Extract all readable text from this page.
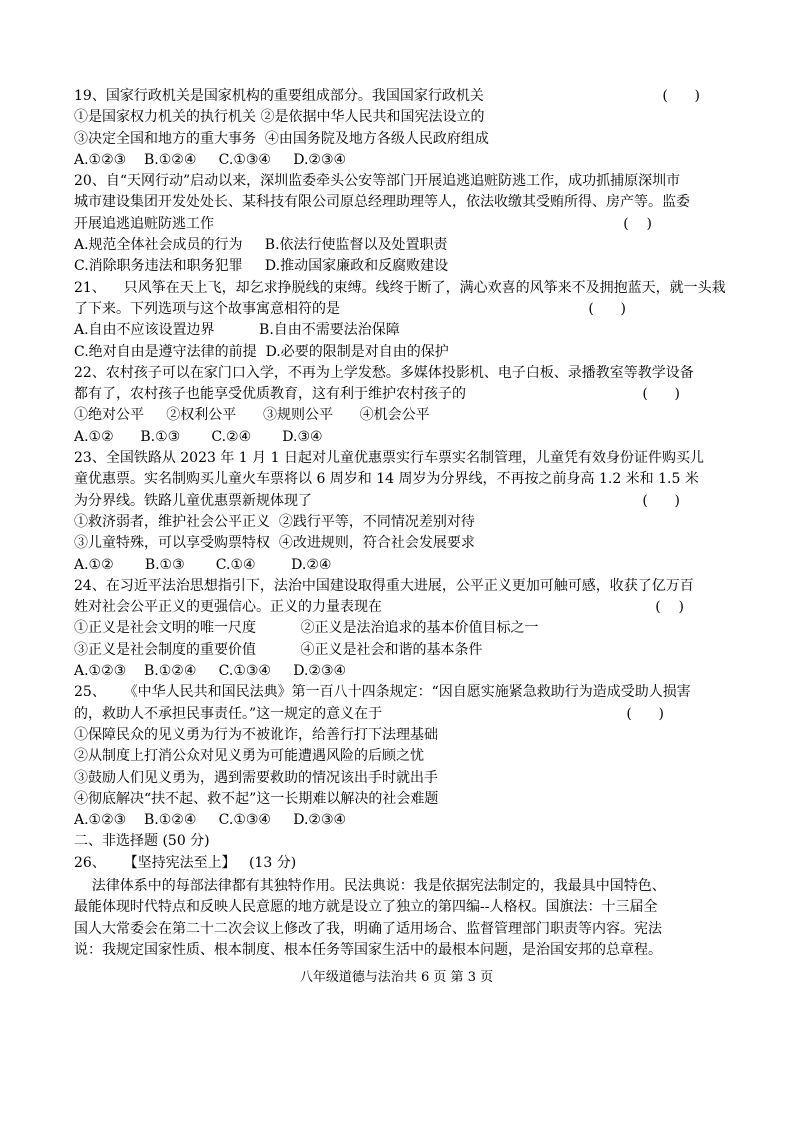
19、国家行政机关是国家机构的重要组成部分。我国国家行政机关	(      )
①是国家权力机关的执行机关 ②是依据中华人民共和国宪法设立的
③决定全国和地方的重大事务  ④由国务院及地方各级人民政府组成
A.①②③    B.①②④     C.①③④     D.②③④
20、自“天网行动”启动以来，深圳监委牵头公安等部门开展追逃追赃防逃工作，成功抓捕原深圳市
城市建设集团开发处处长、某科技有限公司原总经理助理等人，依法收缴其受贿所得、房产等。监委
开展追逃追赃防逃工作	(    )
A.规范全体社会成员的行为     B.依法行使监督以及处置职责
C.消除职务违法和职务犯罪     D.推动国家廉政和反腐败建设
21、    只风筝在天上飞，却乞求挣脱线的束缚。线终于断了，满心欢喜的风筝来不及拥抱蓝天，就一头栽
了下来。下列选项与这个故事寓意相符的是	(      )
A.自由不应该设置边界          B.自由不需要法治保障
C.绝对自由是遵守法律的前提  D.必要的限制是对自由的保护
22、农村孩子可以在家门口入学，不再为上学发愁。多媒体投影机、电子白板、录播教室等教学设备
都有了，农村孩子也能享受优质教育，这有利于维护农村孩子的	(      )
①绝对公平     ②权利公平      ③规则公平      ④机会公平
A.①②      B.①③       C.②④       D.③④
23、全国铁路从 2023 年 1 月 1 日起对儿童优惠票实行车票实名制管理，儿童凭有效身份证件购买儿
童优惠票。实名制购买儿童火车票将以 6 周岁和 14 周岁为分界线，不再按之前身高 1.2 米和 1.5 米
为分界线。铁路儿童优惠票新规体现了	(      )
①救济弱者，维护社会公平正义  ②践行平等，不同情况差别对待
③儿童特殊，可以享受购票特权  ④改进规则，符合社会发展要求
A.①②       B.①③       C.①④        D.②④
24、在习近平法治思想指引下，法治中国建设取得重大进展，公平正义更加可触可感，收获了亿万百
姓对社会公平正义的更强信心。正义的力量表现在	(    )
①正义是社会文明的唯一尺度          ②正义是法治追求的基本价值目标之一
③正义是社会制度的重要价值          ④正义是社会和谐的基本条件
A.①②③    B.①②④     C.①③④     D.②③④
25、    《中华人民共和国民法典》第一百八十四条规定：“因自愿实施紧急救助行为造成受助人损害
的，救助人不承担民事责任。”这一规定的意义在于	(      )
①保障民众的见义勇为行为不被讹诈，给善行打下法理基础
②从制度上打消公众对见义勇为可能遭遇风险的后顾之忧
③鼓励人们见义勇为，遇到需要救助的情况该出手时就出手
④彻底解决“扶不起、救不起”这一长期难以解决的社会难题
A.①②③    B.①②④     C.①③④     D.②③④
二、非选择题 (50 分)
26、    【坚持宪法至上】   (13 分)
法律体系中的每部法律都有其独特作用。民法典说：我是依据宪法制定的，我最具中国特色、
最能体现时代特点和反映人民意愿的地方就是设立了独立的第四编--人格权。国旗法：十三届全
国人大常委会在第二十二次会议上修改了我，明确了适用场合、监督管理部门职责等内容。宪法
说：我规定国家性质、根本制度、根本任务等国家生活中的最根本问题，是治国安邦的总章程。
八年级道德与法治共 6 页 第 3 页
